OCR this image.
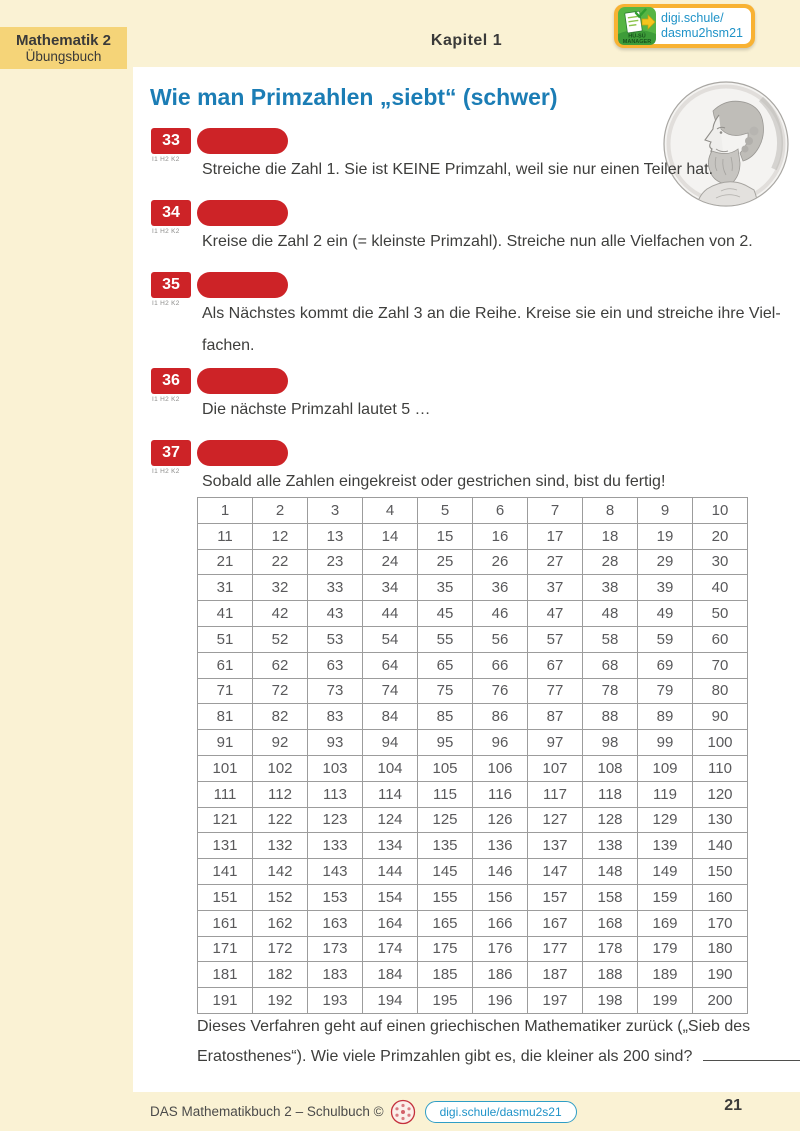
Mathematik 2
Übungsbuch
Kapitel 1	HÜ-SÜ
MANAGER
digi.schule/
dasmu2hsm21
Wie man Primzahlen „siebt“ (schwer)
33
I1 H2 K2
Streiche die Zahl 1. Sie ist KEINE Primzahl, weil sie nur einen Teiler hat.
34
I1 H2 K2
Kreise die Zahl 2 ein (= kleinste Primzahl). Streiche nun alle Vielfachen von 2.
35
I1 H2 K2
Als Nächstes kommt die Zahl 3 an die Reihe. Kreise sie ein und streiche ihre Viel-
fachen.
36
I1 H2 K2
Die nächste Primzahl lautet 5 …
37
I1 H2 K2
Sobald alle Zahlen eingekreist oder gestrichen sind, bist du fertig!
1	2	3	4	5	6	7	8	9	10
11	12	13	14	15	16	17	18	19	20
21	22	23	24	25	26	27	28	29	30
31	32	33	34	35	36	37	38	39	40
41	42	43	44	45	46	47	48	49	50
51	52	53	54	55	56	57	58	59	60
61	62	63	64	65	66	67	68	69	70
71	72	73	74	75	76	77	78	79	80
81	82	83	84	85	86	87	88	89	90
91	92	93	94	95	96	97	98	99	100
101	102	103	104	105	106	107	108	109	110
111	112	113	114	115	116	117	118	119	120
121	122	123	124	125	126	127	128	129	130
131	132	133	134	135	136	137	138	139	140
141	142	143	144	145	146	147	148	149	150
151	152	153	154	155	156	157	158	159	160
161	162	163	164	165	166	167	168	169	170
171	172	173	174	175	176	177	178	179	180
181	182	183	184	185	186	187	188	189	190
191	192	193	194	195	196	197	198	199	200
Dieses Verfahren geht auf einen griechischen Mathematiker zurück („Sieb des
Eratosthenes“). Wie viele Primzahlen gibt es, die kleiner als 200 sind?
DAS Mathematikbuch 2 – Schulbuch ©	digi.schule/dasmu2s21	21
